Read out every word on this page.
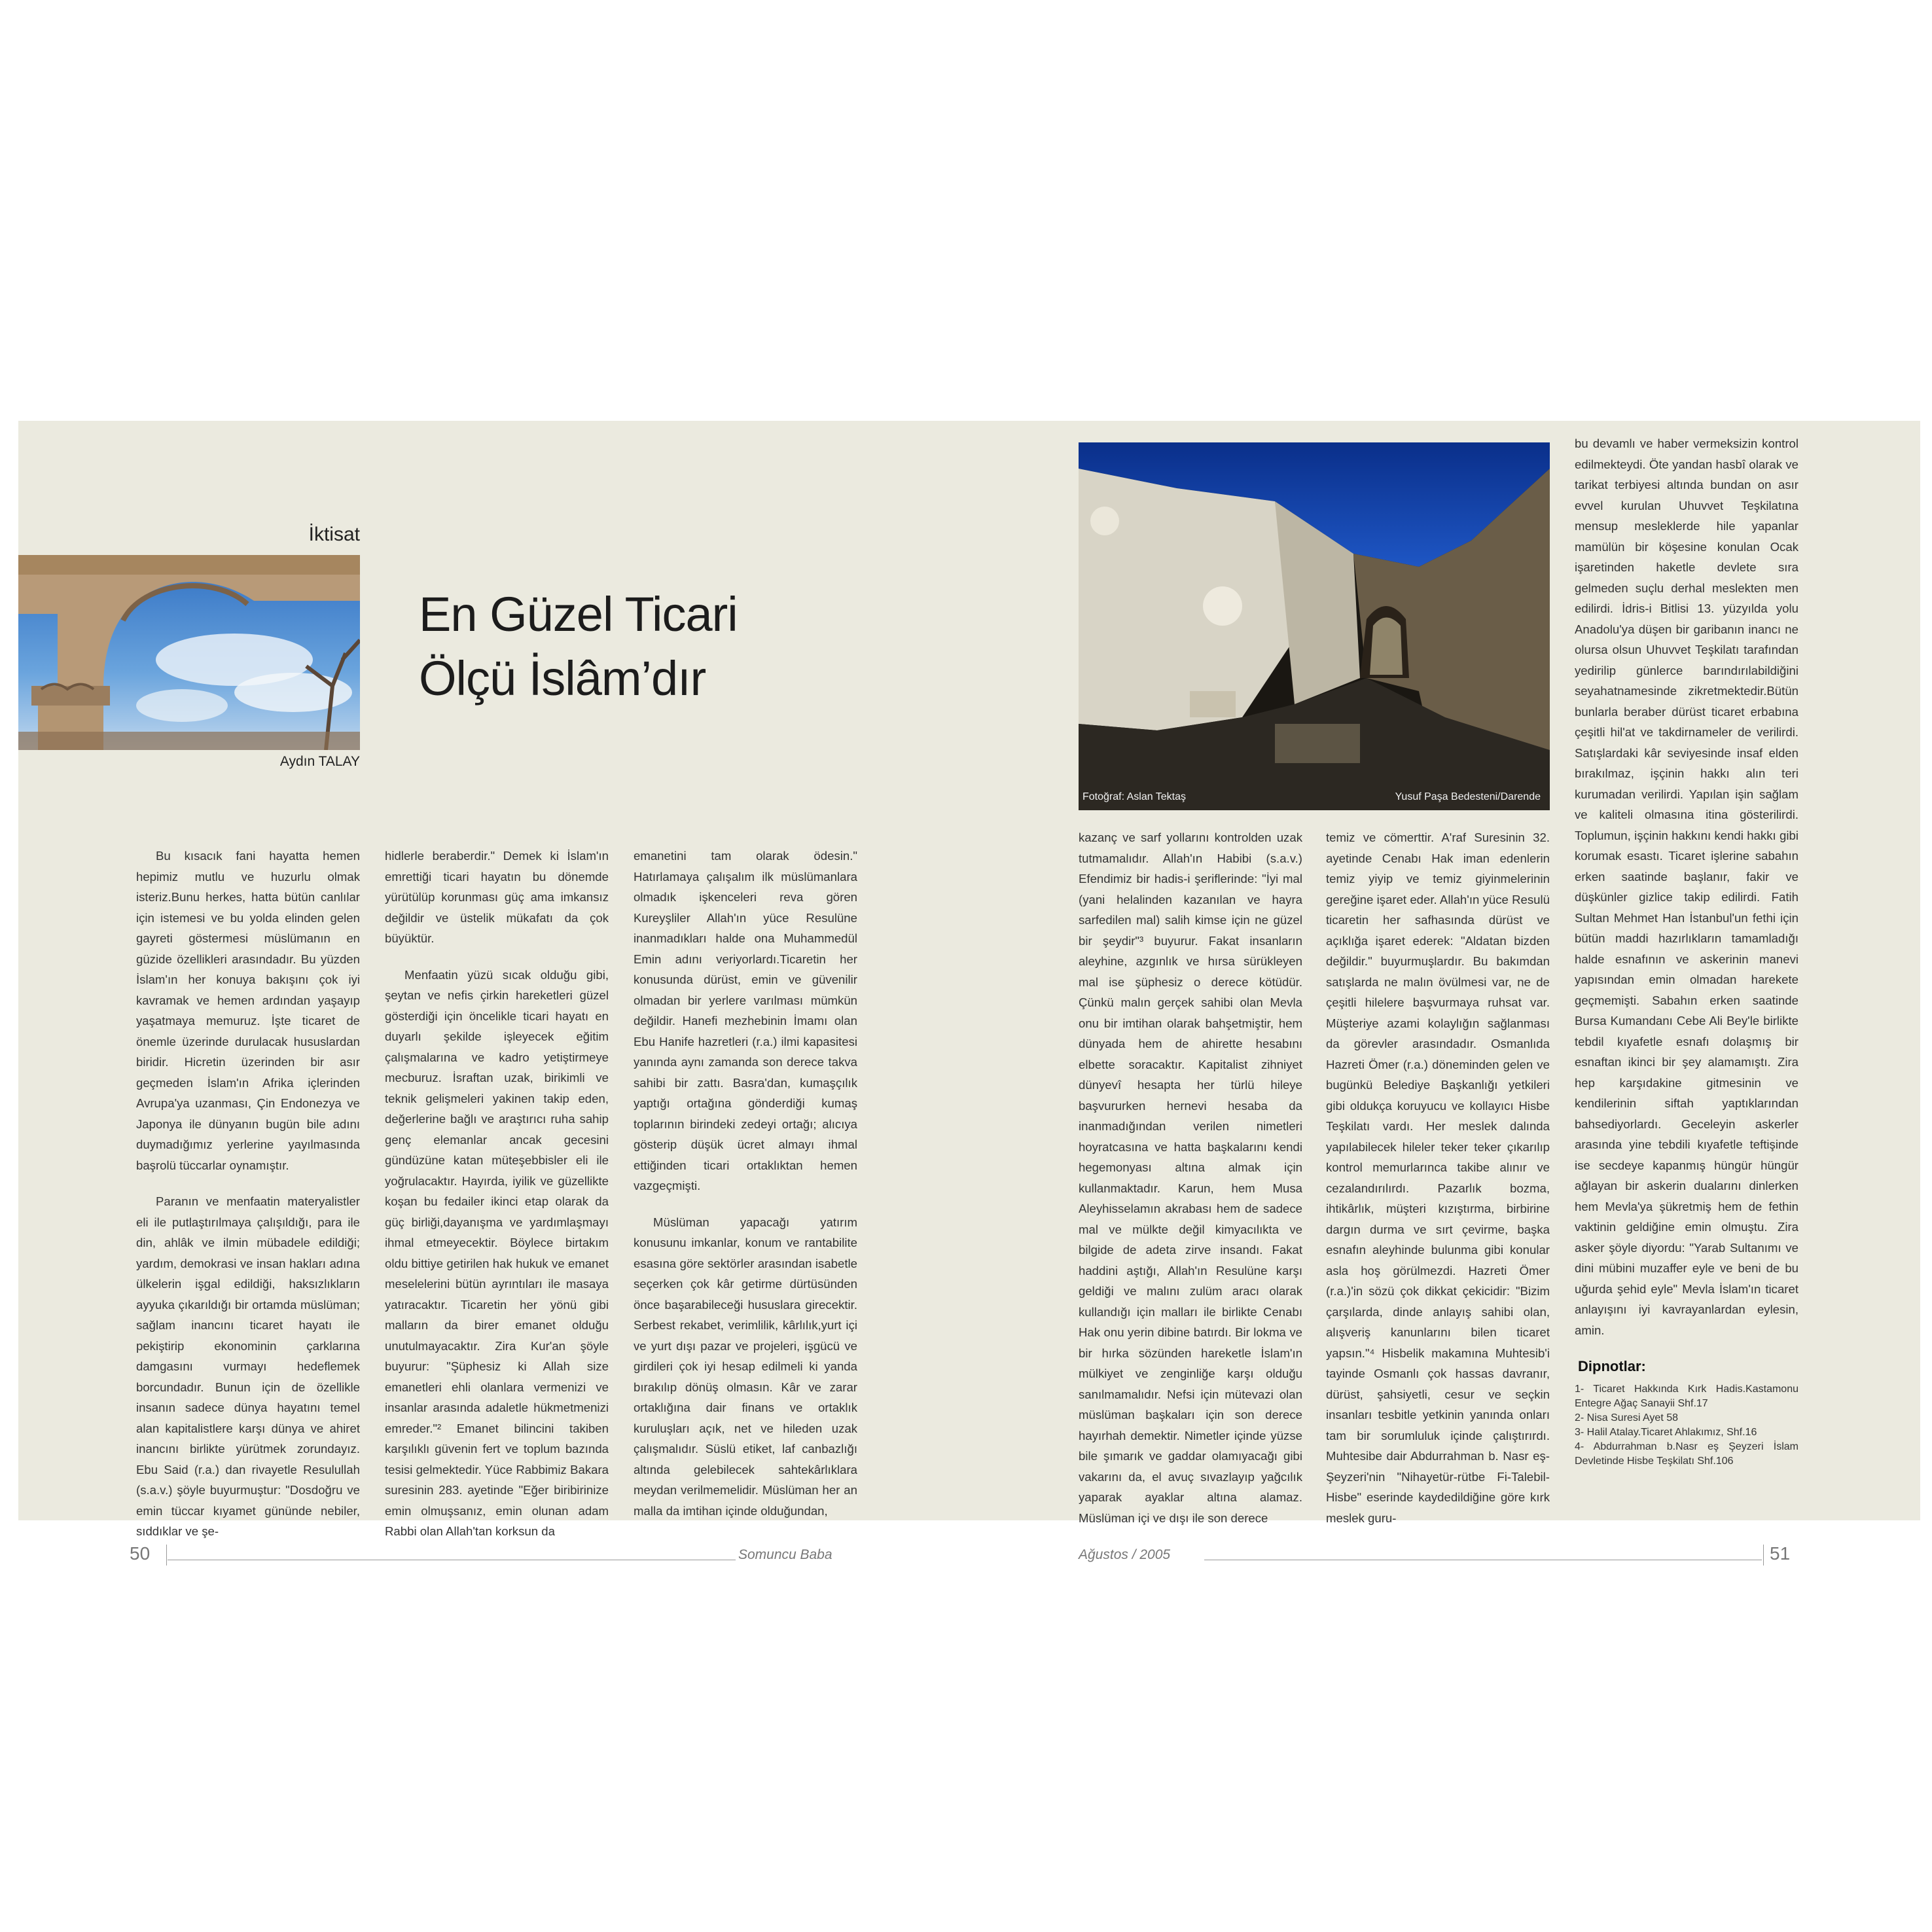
İktisat
Aydın TALAY
En Güzel Ticari
Ölçü İslâm’dır
Fotoğraf: Aslan Tektaş	Yusuf Paşa Bedesteni/Darende

Bu kısacık fani hayatta hemen hepimiz mutlu ve huzurlu olmak isteriz.Bunu herkes, hatta bütün canlılar için istemesi ve bu yolda elinden gelen gayreti göstermesi müslümanın en güzide özellikleri arasındadır. Bu yüzden İslam'ın her konuya bakışını çok iyi kavramak ve hemen ardından yaşayıp yaşatmaya memuruz. İşte ticaret de önemle üzerinde durulacak hususlardan biridir. Hicretin üzerinden bir asır geçmeden İslam'ın Afrika içlerinden Avrupa'ya uzanması, Çin Endonezya ve Japonya ile dünyanın bugün bile adını duymadığımız yerlerine yayılmasında başrolü tüccarlar oynamıştır.

Paranın ve menfaatin materyalistler eli ile putlaştırılmaya çalışıldığı, para ile din, ahlâk ve ilmin mübadele edildiği; yardım, demokrasi ve insan hakları adına ülkelerin işgal edildiği, haksızlıkların ayyuka çıkarıldığı bir ortamda müslüman; sağlam inancını ticaret hayatı ile pekiştirip ekonominin çarklarına damgasını vurmayı hedeflemek borcundadır. Bunun için de özellikle insanın sadece dünya hayatını temel alan kapitalistlere karşı dünya ve ahiret inancını birlikte yürütmek zorundayız. Ebu Said (r.a.) dan rivayetle Resulullah (s.a.v.) şöyle buyurmuştur: "Dosdoğru ve emin tüccar kıyamet gününde nebiler, sıddıklar ve şe-

hidlerle beraberdir." Demek ki İslam'ın emrettiği ticari hayatın bu dönemde yürütülüp korunması güç ama imkansız değildir ve üstelik mükafatı da çok büyüktür.

Menfaatin yüzü sıcak olduğu gibi, şeytan ve nefis çirkin hareketleri güzel gösterdiği için öncelikle ticari hayatı en duyarlı şekilde işleyecek eğitim çalışmalarına ve kadro yetiştirmeye mecburuz. İsraftan uzak, birikimli ve teknik gelişmeleri yakinen takip eden, değerlerine bağlı ve araştırıcı ruha sahip genç elemanlar ancak gecesini gündüzüne katan müteşebbisler eli ile yoğrulacaktır. Hayırda, iyilik ve güzellikte koşan bu fedailer ikinci etap olarak da güç birliği,dayanışma ve yardımlaşmayı ihmal etmeyecektir. Böylece birtakım oldu bittiye getirilen hak hukuk ve emanet meselelerini bütün ayrıntıları ile masaya yatıracaktır. Ticaretin her yönü gibi malların da birer emanet olduğu unutulmayacaktır. Zira Kur'an şöyle buyurur: "Şüphesiz ki Allah size emanetleri ehli olanlara vermenizi ve insanlar arasında adaletle hükmetmenizi emreder."² Emanet bilincini takiben karşılıklı güvenin fert ve toplum bazında tesisi gelmektedir. Yüce Rabbimiz Bakara suresinin 283. ayetinde "Eğer biribirinize emin olmuşsanız, emin olunan adam Rabbi olan Allah'tan korksun da

emanetini tam olarak ödesin." Hatırlamaya çalışalım ilk müslümanlara olmadık işkenceleri reva gören Kureyşliler Allah'ın yüce Resulüne inanmadıkları halde ona Muhammedül Emin adını veriyorlardı.Ticaretin her konusunda dürüst, emin ve güvenilir olmadan bir yerlere varılması mümkün değildir. Hanefi mezhebinin İmamı olan Ebu Hanife hazretleri (r.a.) ilmi kapasitesi yanında aynı zamanda son derece takva sahibi bir zattı. Basra'dan, kumaşçılık yaptığı ortağına gönderdiği kumaş toplarının birindeki zedeyi ortağı; alıcıya gösterip düşük ücret almayı ihmal ettiğinden ticari ortaklıktan hemen vazgeçmişti.

Müslüman yapacağı yatırım konusunu imkanlar, konum ve rantabilite esasına göre sektörler arasından isabetle seçerken çok kâr getirme dürtüsünden önce başarabileceği hususlara girecektir. Serbest rekabet, verimlilik, kârlılık,yurt içi ve yurt dışı pazar ve projeleri, işgücü ve girdileri çok iyi hesap edilmeli ki yanda bırakılıp dönüş olmasın. Kâr ve zarar ortaklığına dair finans ve ortaklık kuruluşları açık, net ve hileden uzak çalışmalıdır. Süslü etiket, laf canbazlığı altında gelebilecek sahtekârlıklara meydan verilmemelidir. Müslüman her an malla da imtihan içinde olduğundan,

kazanç ve sarf yollarını kontrolden uzak tutmamalıdır. Allah'ın Habibi (s.a.v.) Efendimiz bir hadis-i şeriflerinde: "İyi mal (yani helalinden kazanılan ve hayra sarfedilen mal) salih kimse için ne güzel bir şeydir"³ buyurur. Fakat insanların aleyhine, azgınlık ve hırsa sürükleyen mal ise şüphesiz o derece kötüdür. Çünkü malın gerçek sahibi olan Mevla onu bir imtihan olarak bahşetmiştir, hem dünyada hem de ahirette hesabını elbette soracaktır. Kapitalist zihniyet dünyevî hesapta her türlü hileye başvururken hernevi hesaba da inanmadığından verilen nimetleri hoyratcasına ve hatta başkalarını kendi hegemonyası altına almak için kullanmaktadır. Karun, hem Musa Aleyhisselamın akrabası hem de sadece mal ve mülkte değil kimyacılıkta ve bilgide de adeta zirve insandı. Fakat haddini aştığı, Allah'ın Resulüne karşı geldiği ve malını zulüm aracı olarak kullandığı için malları ile birlikte Cenabı Hak onu yerin dibine batırdı. Bir lokma ve bir hırka sözünden hareketle İslam'ın mülkiyet ve zenginliğe karşı olduğu sanılmamalıdır. Nefsi için mütevazi olan müslüman başkaları için son derece hayırhah demektir. Nimetler içinde yüzse bile şımarık ve gaddar olamıyacağı gibi vakarını da, el avuç sıvazlayıp yağcılık yaparak ayaklar altına alamaz. Müslüman içi ve dışı ile son derece

temiz ve cömerttir. A'raf Suresinin 32. ayetinde Cenabı Hak iman edenlerin temiz yiyip ve temiz giyinmelerinin gereğine işaret eder. Allah'ın yüce Resulü ticaretin her safhasında dürüst ve açıklığa işaret ederek: "Aldatan bizden değildir." buyurmuşlardır. Bu bakımdan satışlarda ne malın övülmesi var, ne de çeşitli hilelere başvurmaya ruhsat var. Müşteriye azami kolaylığın sağlanması da görevler arasındadır. Osmanlıda Hazreti Ömer (r.a.) döneminden gelen ve bugünkü Belediye Başkanlığı yetkileri gibi oldukça koruyucu ve kollayıcı Hisbe Teşkilatı vardı. Her meslek dalında yapılabilecek hileler teker teker çıkarılıp kontrol memurlarınca takibe alınır ve cezalandırılırdı. Pazarlık bozma, ihtikârlık, müşteri kızıştırma, birbirine dargın durma ve sırt çevirme, başka esnafın aleyhinde bulunma gibi konular asla hoş görülmezdi. Hazreti Ömer (r.a.)'in sözü çok dikkat çekicidir: "Bizim çarşılarda, dinde anlayış sahibi olan, alışveriş kanunlarını bilen ticaret yapsın."⁴ Hisbelik makamına Muhtesib'i tayinde Osmanlı çok hassas davranır, dürüst, şahsiyetli, cesur ve seçkin insanları tesbitle yetkinin yanında onları tam bir sorumluluk içinde çalıştırırdı. Muhtesibe dair Abdurrahman b. Nasr eş-Şeyzeri'nin "Nihayetür-rütbe Fi-Talebil-Hisbe" eserinde kaydedildiğine göre kırk meslek guru-

bu devamlı ve haber vermeksizin kontrol edilmekteydi. Öte yandan hasbî olarak ve tarikat terbiyesi altında bundan on asır evvel kurulan Uhuvvet Teşkilatına mensup mesleklerde hile yapanlar mamülün bir köşesine konulan Ocak işaretinden haketle devlete sıra gelmeden suçlu derhal meslekten men edilirdi. İdris-i Bitlisi 13. yüzyılda yolu Anadolu'ya düşen bir garibanın inancı ne olursa olsun Uhuvvet Teşkilatı tarafından yedirilip günlerce barındırılabildiğini seyahatnamesinde zikretmektedir.Bütün bunlarla beraber dürüst ticaret erbabına çeşitli hil'at ve takdirnameler de verilirdi. Satışlardaki kâr seviyesinde insaf elden bırakılmaz, işçinin hakkı alın teri kurumadan verilirdi. Yapılan işin sağlam ve kaliteli olmasına itina gösterilirdi. Toplumun, işçinin hakkını kendi hakkı gibi korumak esastı. Ticaret işlerine sabahın erken saatinde başlanır, fakir ve düşkünler gizlice takip edilirdi. Fatih Sultan Mehmet Han İstanbul'un fethi için bütün maddi hazırlıkların tamamladığı halde esnafının ve askerinin manevi yapısından emin olmadan harekete geçmemişti. Sabahın erken saatinde Bursa Kumandanı Cebe Ali Bey'le birlikte tebdil kıyafetle esnafı dolaşmış bir esnaftan ikinci bir şey alamamıştı. Zira hep karşıdakine gitmesinin ve kendilerinin siftah yaptıklarından bahsediyorlardı. Geceleyin askerler arasında yine tebdili kıyafetle teftişinde ise secdeye kapanmış hüngür hüngür ağlayan bir askerin dualarını dinlerken hem Mevla'ya şükretmiş hem de fethin vaktinin geldiğine emin olmuştu. Zira asker şöyle diyordu: "Yarab Sultanımı ve dini mübini muzaffer eyle ve beni de bu uğurda şehid eyle" Mevla İslam'ın ticaret anlayışını iyi kavrayanlardan eylesin, amin.

Dipnotlar:
1- Ticaret Hakkında Kırk Hadis.Kastamonu Entegre Ağaç Sanayii Shf.17
2- Nisa Suresi Ayet 58
3- Halil Atalay.Ticaret Ahlakımız, Shf.16
4- Abdurrahman b.Nasr eş Şeyzeri İslam Devletinde Hisbe Teşkilatı Shf.106
50	Somuncu Baba	Ağustos / 2005	51
